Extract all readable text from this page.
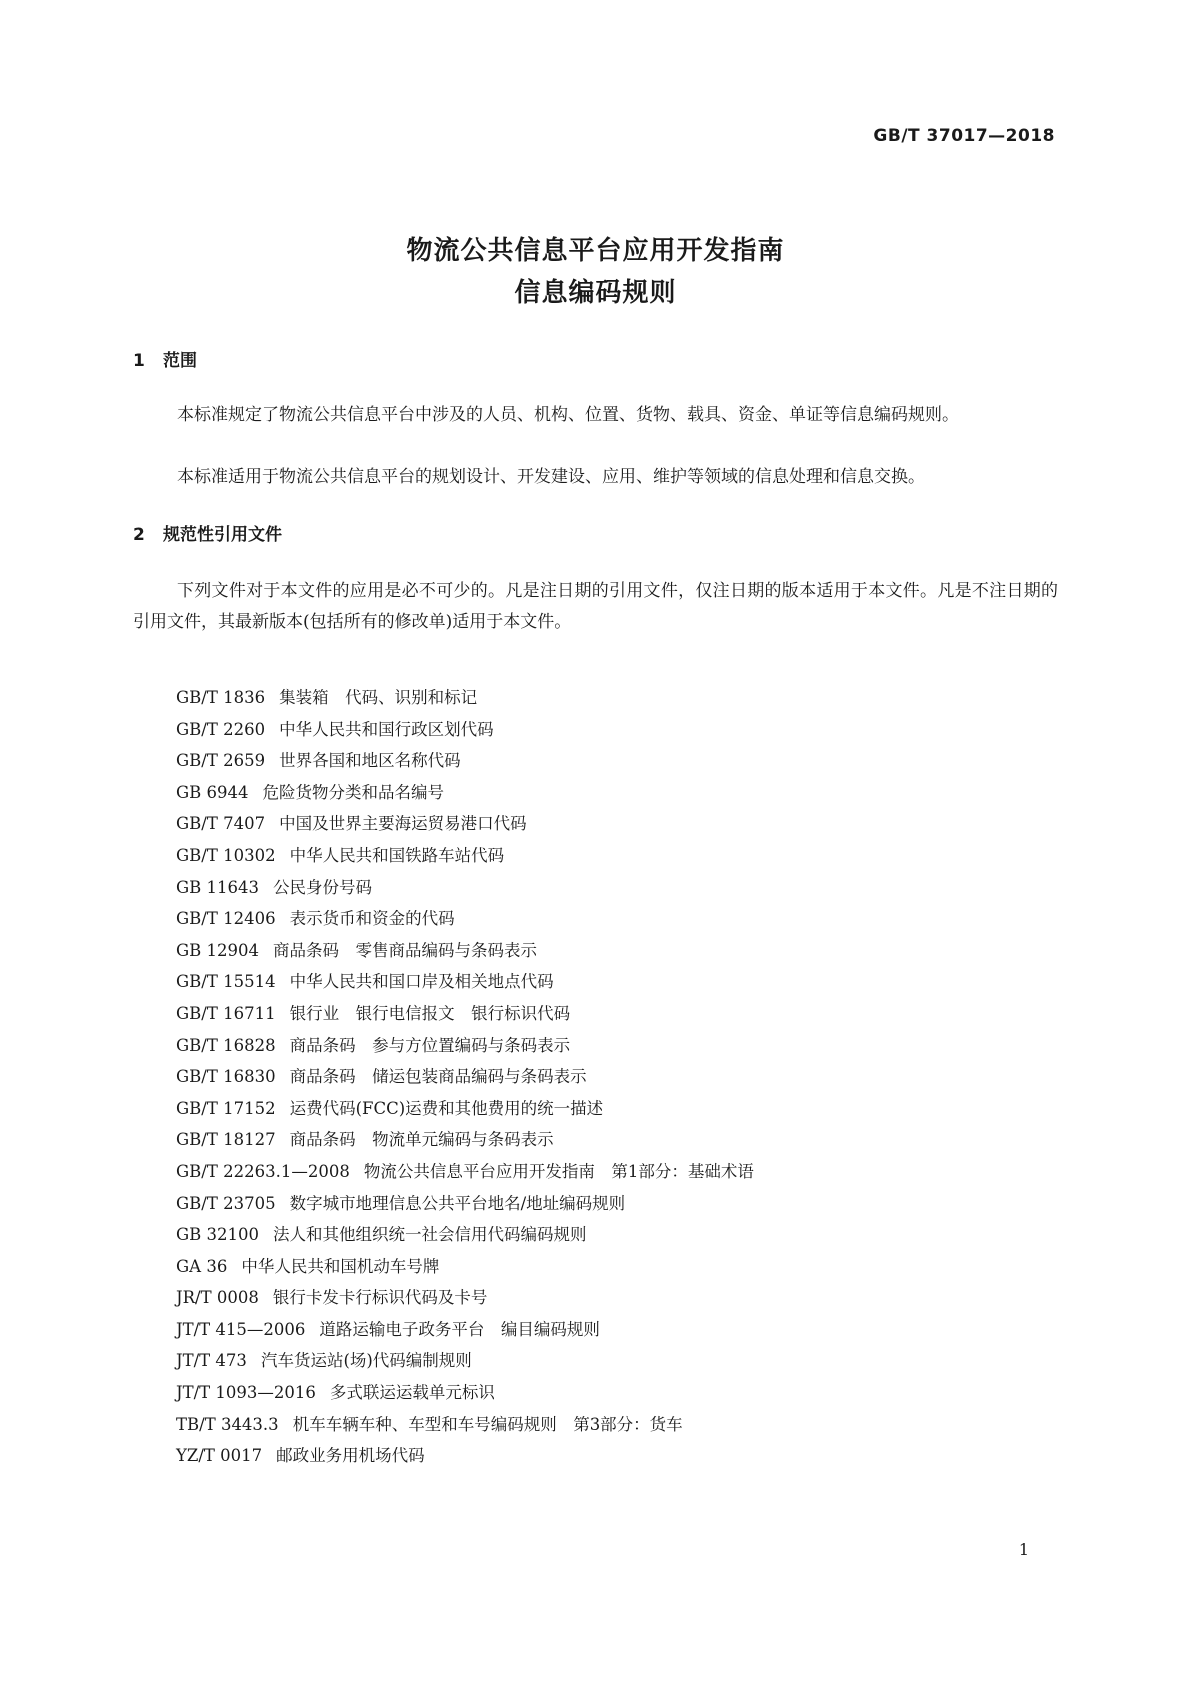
GB/T 37017—2018
物流公共信息平台应用开发指南
信息编码规则
1 范围

本标准规定了物流公共信息平台中涉及的人员、机构、位置、货物、载具、资金、单证等信息编码规则。

本标准适用于物流公共信息平台的规划设计、开发建设、应用、维护等领域的信息处理和信息交换。

2 规范性引用文件

下列文件对于本文件的应用是必不可少的。凡是注日期的引用文件，仅注日期的版本适用于本文件。凡是不注日期的引用文件，其最新版本(包括所有的修改单)适用于本文件。

GB/T 1836 集装箱　代码、识别和标记
GB/T 2260 中华人民共和国行政区划代码
GB/T 2659 世界各国和地区名称代码
GB 6944 危险货物分类和品名编号
GB/T 7407 中国及世界主要海运贸易港口代码
GB/T 10302 中华人民共和国铁路车站代码
GB 11643 公民身份号码
GB/T 12406 表示货币和资金的代码
GB 12904 商品条码　零售商品编码与条码表示
GB/T 15514 中华人民共和国口岸及相关地点代码
GB/T 16711 银行业　银行电信报文　银行标识代码
GB/T 16828 商品条码　参与方位置编码与条码表示
GB/T 16830 商品条码　储运包装商品编码与条码表示
GB/T 17152 运费代码(FCC)运费和其他费用的统一描述
GB/T 18127 商品条码　物流单元编码与条码表示
GB/T 22263.1—2008 物流公共信息平台应用开发指南　第1部分：基础术语
GB/T 23705 数字城市地理信息公共平台地名/地址编码规则
GB 32100 法人和其他组织统一社会信用代码编码规则
GA 36 中华人民共和国机动车号牌
JR/T 0008 银行卡发卡行标识代码及卡号
JT/T 415—2006 道路运输电子政务平台　编目编码规则
JT/T 473 汽车货运站(场)代码编制规则
JT/T 1093—2016 多式联运运载单元标识
TB/T 3443.3 机车车辆车种、车型和车号编码规则　第3部分：货车
YZ/T 0017 邮政业务用机场代码
1
